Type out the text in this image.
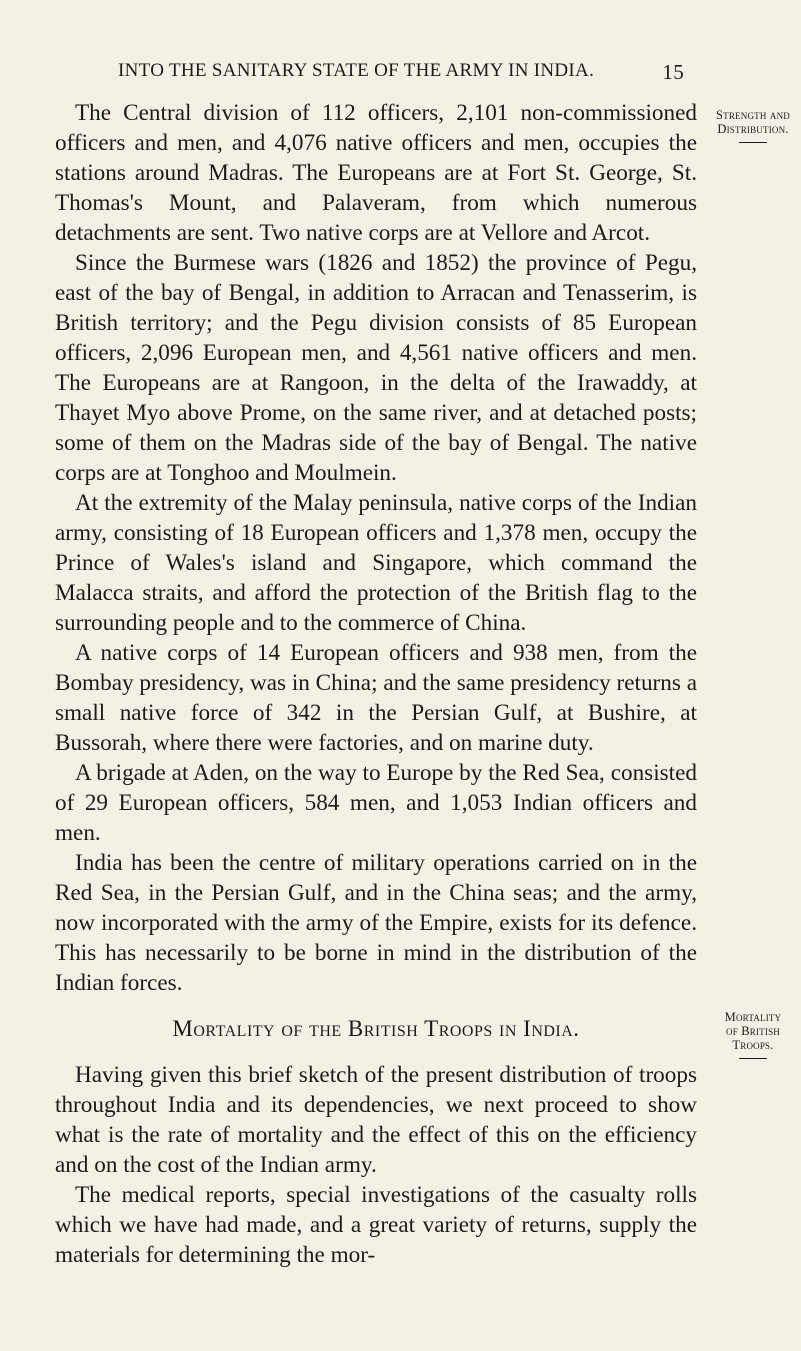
INTO THE SANITARY STATE OF THE ARMY IN INDIA.	15
Strength and
Distribution.
Mortality
of British
Troops.

The Central division of 112 officers, 2,101 non-commissioned officers and men, and 4,076 native officers and men, occupies the stations around Madras. The Europeans are at Fort St. George, St. Thomas's Mount, and Palaveram, from which numerous detachments are sent. Two native corps are at Vellore and Arcot.

Since the Burmese wars (1826 and 1852) the province of Pegu, east of the bay of Bengal, in addition to Arracan and Tenasserim, is British territory; and the Pegu division consists of 85 European officers, 2,096 European men, and 4,561 native officers and men. The Europeans are at Rangoon, in the delta of the Irawaddy, at Thayet Myo above Prome, on the same river, and at detached posts; some of them on the Madras side of the bay of Bengal. The native corps are at Tonghoo and Moulmein.

At the extremity of the Malay peninsula, native corps of the Indian army, consisting of 18 European officers and 1,378 men, occupy the Prince of Wales's island and Singapore, which command the Malacca straits, and afford the protection of the British flag to the surrounding people and to the commerce of China.

A native corps of 14 European officers and 938 men, from the Bombay presidency, was in China; and the same presidency returns a small native force of 342 in the Persian Gulf, at Bushire, at Bussorah, where there were factories, and on marine duty.

A brigade at Aden, on the way to Europe by the Red Sea, consisted of 29 European officers, 584 men, and 1,053 Indian officers and men.

India has been the centre of military operations carried on in the Red Sea, in the Persian Gulf, and in the China seas; and the army, now incorporated with the army of the Empire, exists for its defence. This has necessarily to be borne in mind in the distribution of the Indian forces.

Mortality of the British Troops in India.

Having given this brief sketch of the present distribution of troops throughout India and its dependencies, we next proceed to show what is the rate of mortality and the effect of this on the efficiency and on the cost of the Indian army.

The medical reports, special investigations of the casualty rolls which we have had made, and a great variety of returns, supply the materials for determining the mor-
